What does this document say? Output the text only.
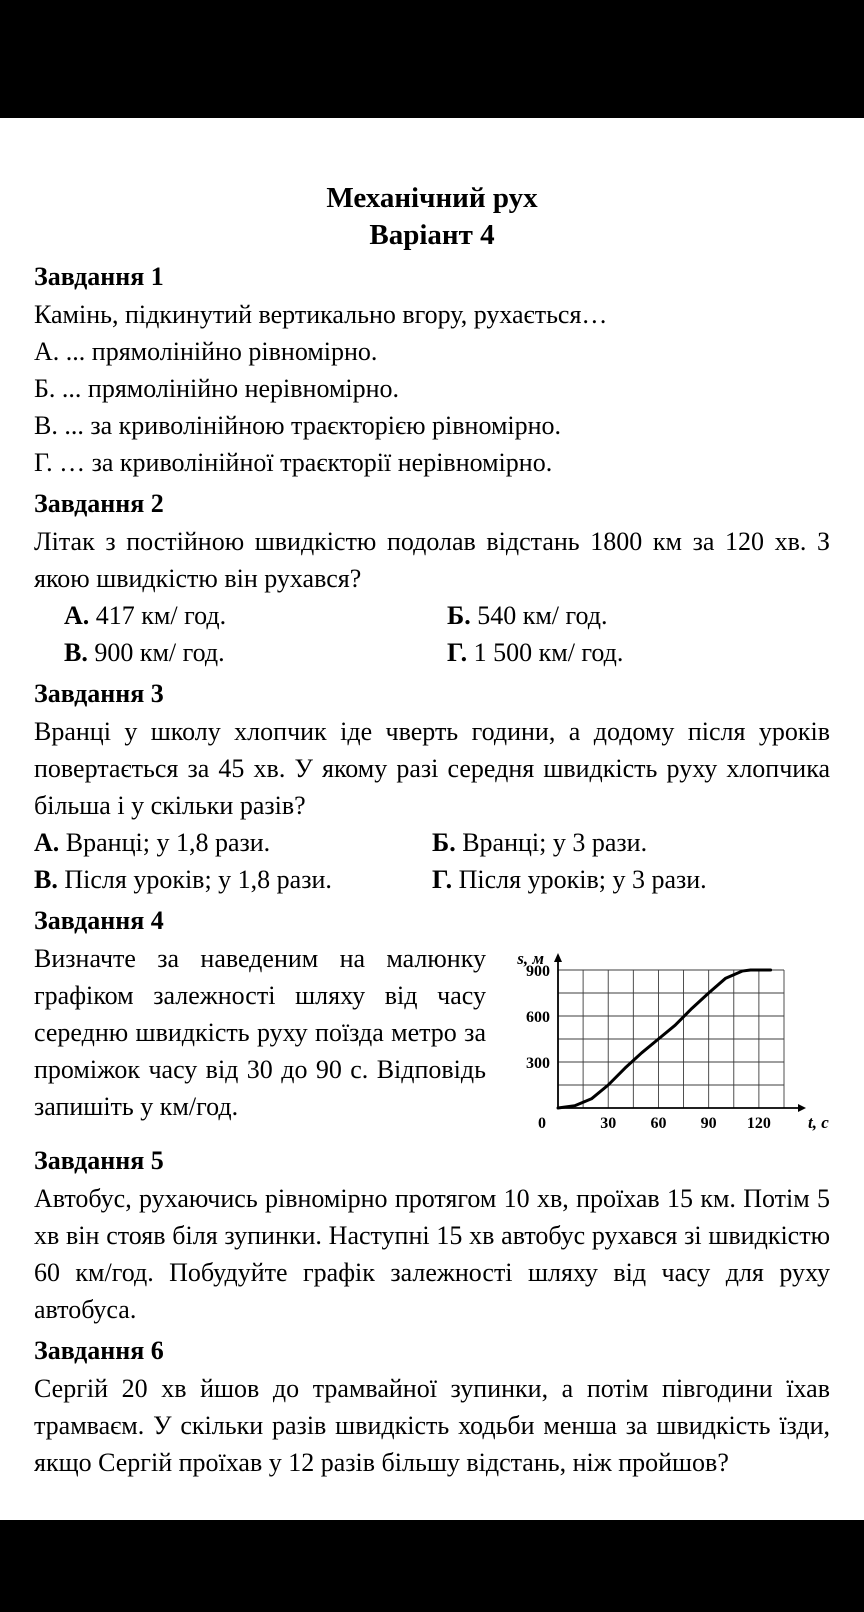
Механічний рух
Варіант 4
Завдання 1
Камінь, підкинутий вертикально вгору, рухається…
А. ... прямолінійно рівномірно.
Б. ... прямолінійно нерівномірно.
В. ... за криволінійною траєкторією рівномірно.
Г. … за криволінійної траєкторії нерівномірно.
Завдання 2
Літак з постійною швидкістю подолав відстань 1800 км за 120 хв. З якою швидкістю він рухався?
А. 417 км/ год.	Б. 540 км/ год.
В. 900 км/ год.	Г. 1 500 км/ год.
Завдання 3
Вранці у школу хлопчик іде чверть години, а додому після уроків повертається за 45 хв. У якому разі середня швидкість руху хлопчика більша і у скільки разів?
А. Вранці; у 1,8 рази.	Б. Вранці; у 3 рази.
В. Після уроків; у 1,8 рази.	Г. Після уроків; у 3 рази.
Завдання 4
Визначте за наведеним на малюнку графіком залежності шляху від часу середню швидкість руху поїзда метро за проміжок часу від 30 до 90 с. Відповідь запишіть у км/год.
30 60 90 120
300
600
900
0
s, м
t, c
Завдання 5
Автобус, рухаючись рівномірно протягом 10 хв, проїхав 15 км. Потім 5 хв він стояв біля зупинки. Наступні 15 хв автобус рухався зі швидкістю 60 км/год. Побудуйте графік залежності шляху від часу для руху автобуса.
Завдання 6
Сергій 20 хв йшов до трамвайної зупинки, а потім півгодини їхав трамваєм. У скільки разів швидкість ходьби менша за швидкість їзди, якщо Сергій проїхав у 12 разів більшу відстань, ніж пройшов?
